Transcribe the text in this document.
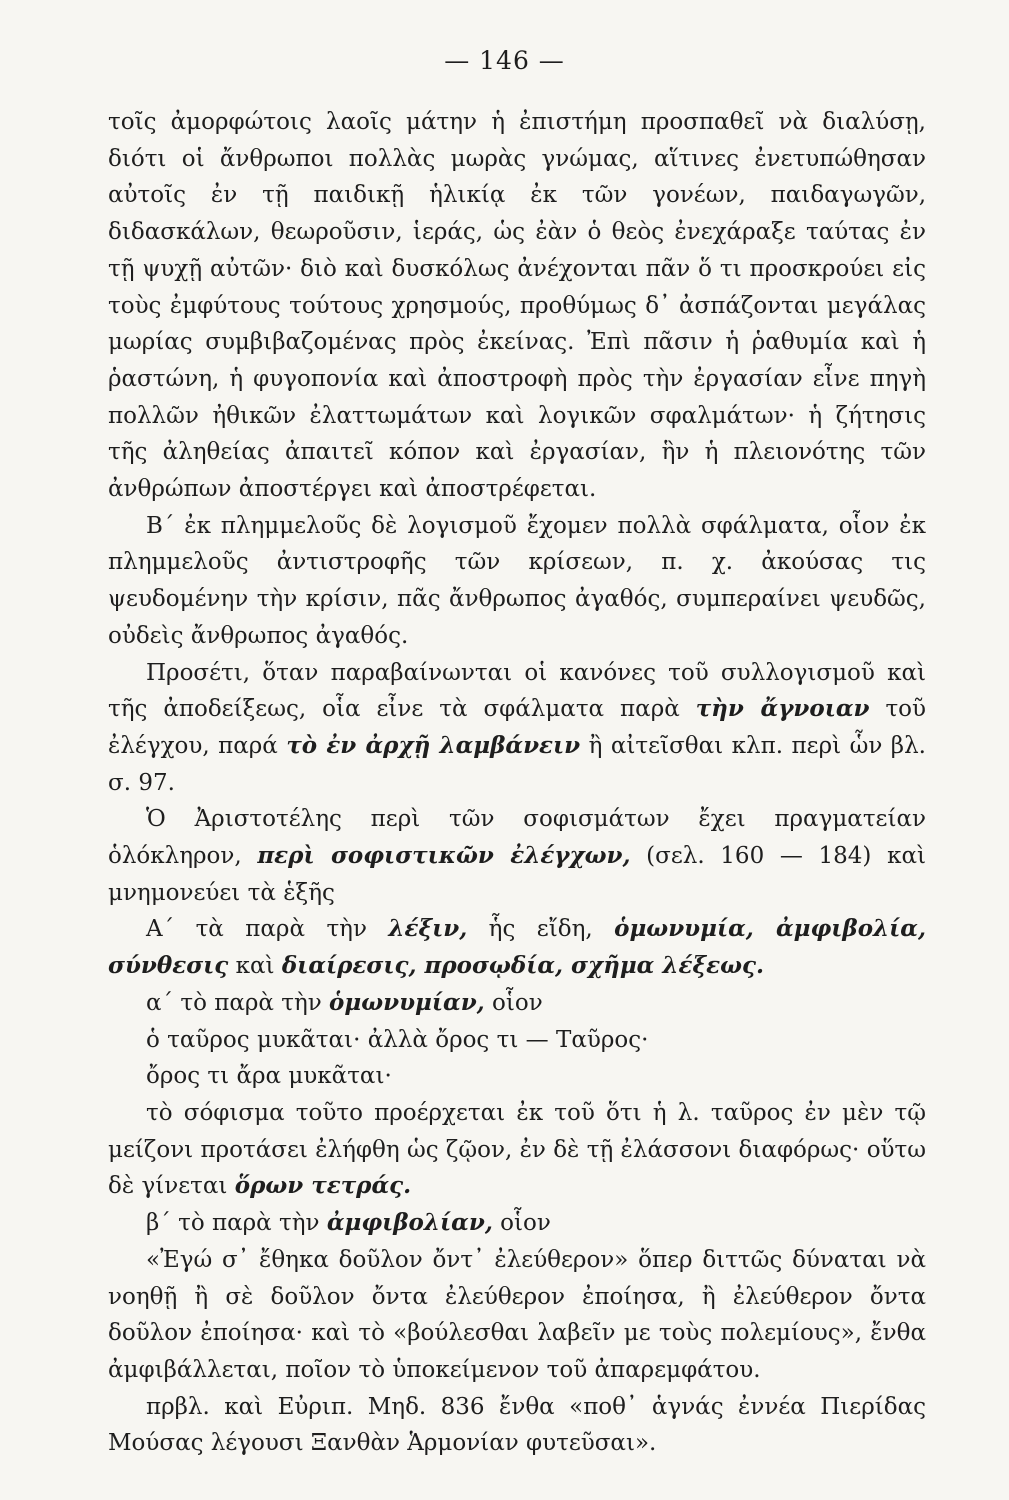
— 146 —

τοῖς ἀμορφώτοις λαοῖς μάτην ἡ ἐπιστήμη προσπαθεῖ νὰ διαλύσῃ, διότι οἱ ἄνθρωποι πολλὰς μωρὰς γνώμας, αἵτινες ἐνετυπώθησαν αὐτοῖς ἐν τῇ παιδικῇ ἡλικίᾳ ἐκ τῶν γονέων, παιδαγωγῶν, διδασκάλων, θεωροῦσιν, ἱεράς, ὡς ἐὰν ὁ θεὸς ἐνεχάραξε ταύτας ἐν τῇ ψυχῇ αὐτῶν· διὸ καὶ δυσκόλως ἀνέχονται πᾶν ὅ τι προσκρούει εἰς τοὺς ἐμφύτους τούτους χρησμούς, προθύμως δ᾽ ἀσπάζονται μεγάλας μωρίας συμβιβαζομένας πρὸς ἐκείνας. Ἐπὶ πᾶσιν ἡ ῥαθυμία καὶ ἡ ῥαστώνη, ἡ φυγοπονία καὶ ἀποστροφὴ πρὸς τὴν ἐργασίαν εἶνε πηγὴ πολλῶν ἠθικῶν ἐλαττωμάτων καὶ λογικῶν σφαλμάτων· ἡ ζήτησις τῆς ἀληθείας ἀπαιτεῖ κόπον καὶ ἐργασίαν, ἣν ἡ πλειονότης τῶν ἀνθρώπων ἀποστέργει καὶ ἀποστρέφεται.

Β΄ ἐκ πλημμελοῦς δὲ λογισμοῦ ἔχομεν πολλὰ σφάλματα, οἷον ἐκ πλημμελοῦς ἀντιστροφῆς τῶν κρίσεων, π. χ. ἀκούσας τις ψευδομένην τὴν κρίσιν, πᾶς ἄνθρωπος ἀγαθός, συμπεραίνει ψευδῶς, οὐδεὶς ἄνθρωπος ἀγαθός.

Προσέτι, ὅταν παραβαίνωνται οἱ κανόνες τοῦ συλλογισμοῦ καὶ τῆς ἀποδείξεως, οἷα εἶνε τὰ σφάλματα παρὰ τὴν ἄγνοιαν τοῦ ἐλέγχου, παρά τὸ ἐν ἀρχῇ λαμβάνειν ἢ αἰτεῖσθαι κλπ. περὶ ὧν βλ. σ. 97.

Ὁ Ἀριστοτέλης περὶ τῶν σοφισμάτων ἔχει πραγματείαν ὁλόκληρον, περὶ σοφιστικῶν ἐλέγχων, (σελ. 160 — 184) καὶ μνημονεύει τὰ ἑξῆς

Α΄ τὰ παρὰ τὴν λέξιν, ἧς εἴδη, ὁμωνυμία, ἀμφιβολία, σύνθεσις καὶ διαίρεσις, προσῳδία, σχῆμα λέξεως.

α΄ τὸ παρὰ τὴν ὁμωνυμίαν, οἷον

ὁ ταῦρος μυκᾶται· ἀλλὰ ὄρος τι — Ταῦρος·

ὄρος τι ἄρα μυκᾶται·

τὸ σόφισμα τοῦτο προέρχεται ἐκ τοῦ ὅτι ἡ λ. ταῦρος ἐν μὲν τῷ μείζονι προτάσει ἐλήφθη ὡς ζῷον, ἐν δὲ τῇ ἐλάσσονι διαφόρως· οὕτω δὲ γίνεται ὅρων τετράς.

β΄ τὸ παρὰ τὴν ἀμφιβολίαν, οἷον

«Ἐγώ σ᾽ ἔθηκα δοῦλον ὄντ᾽ ἐλεύθερον» ὅπερ διττῶς δύναται νὰ νοηθῇ ἢ σὲ δοῦλον ὄντα ἐλεύθερον ἐποίησα, ἢ ἐλεύθερον ὄντα δοῦλον ἐποίησα· καὶ τὸ «βούλεσθαι λαβεῖν με τοὺς πολεμίους», ἔνθα ἀμφιβάλλεται, ποῖον τὸ ὑποκείμενον τοῦ ἀπαρεμφάτου.

πρβλ. καὶ Εὐριπ. Μηδ. 836 ἔνθα «ποθ᾽ ἁγνάς ἐννέα Πιερίδας Μούσας λέγουσι Ξανθὰν Ἁρμονίαν φυτεῦσαι».
